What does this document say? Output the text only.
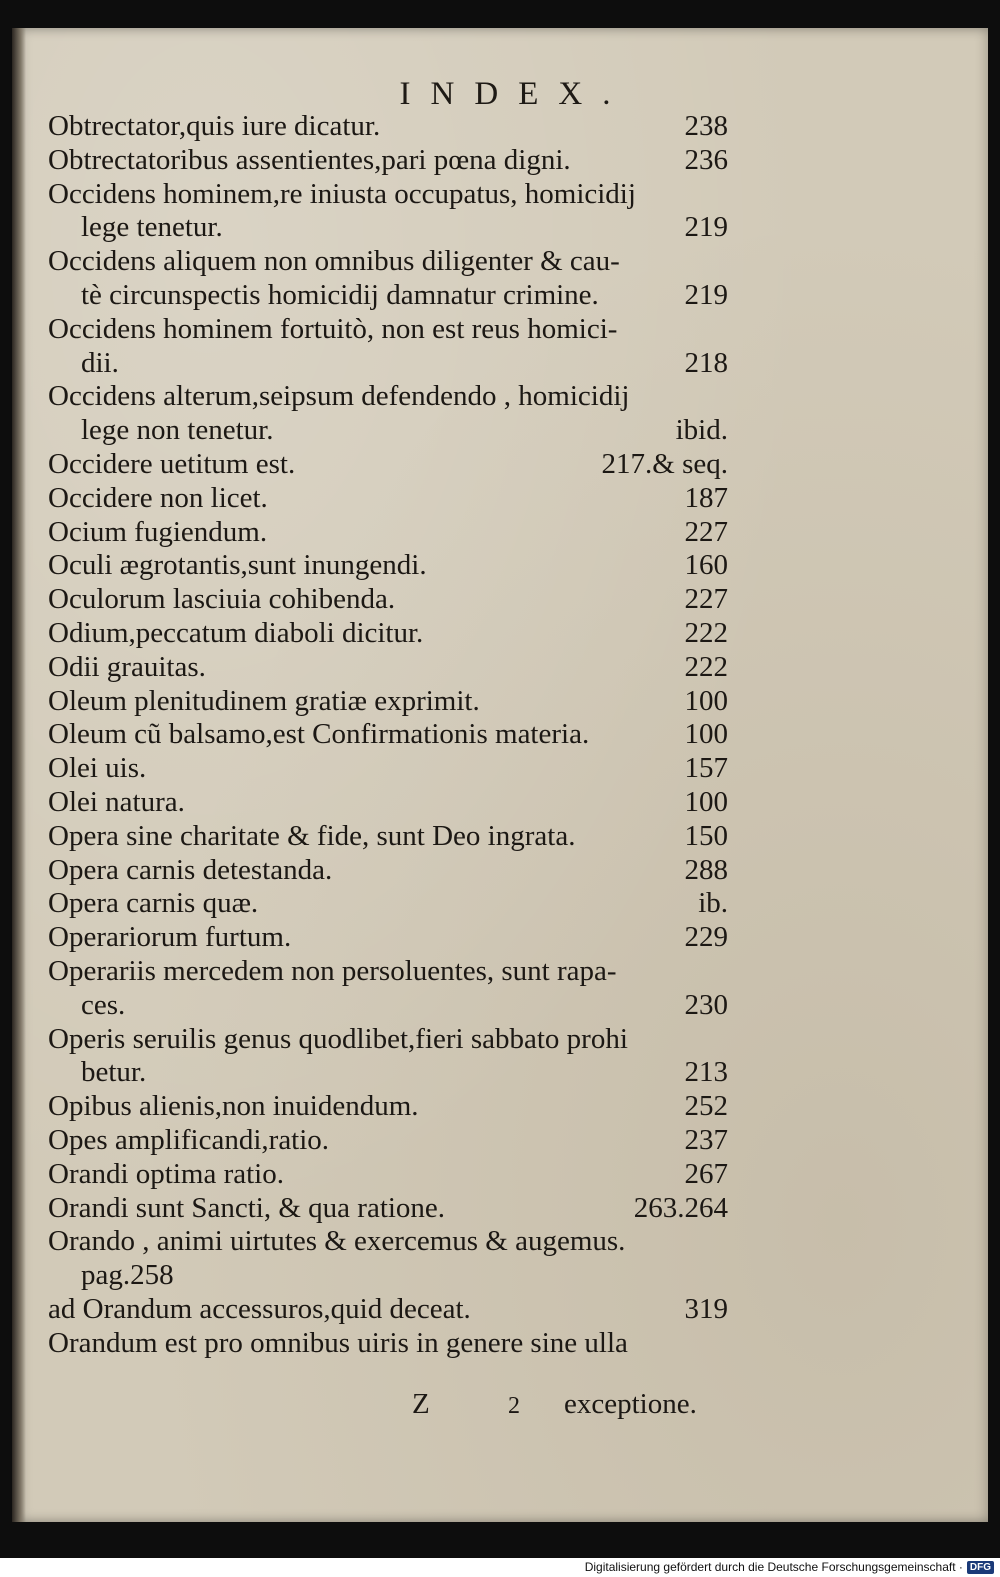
INDEX.
Obtrectator,quis iure dicatur.	238
Obtrectatoribus assentientes,pari pœna digni.	236
Occidens hominem,re iniusta occupatus, homicidij
lege tenetur.	219
Occidens aliquem non omnibus diligenter & cau-
tè circunspectis homicidij damnatur crimine.	219
Occidens hominem fortuitò, non est reus homici-
dii.	218
Occidens alterum,seipsum defendendo , homicidij
lege non tenetur.	ibid.
Occidere uetitum est.	217.& seq.
Occidere non licet.	187
Ocium fugiendum.	227
Oculi ægrotantis,sunt inungendi.	160
Oculorum lasciuia cohibenda.	227
Odium,peccatum diaboli dicitur.	222
Odii grauitas.	222
Oleum plenitudinem gratiæ exprimit.	100
Oleum cũ balsamo,est Confirmationis materia.	100
Olei uis.	157
Olei natura.	100
Opera sine charitate & fide, sunt Deo ingrata.	150
Opera carnis detestanda.	288
Opera carnis quæ.	ib.
Operariorum furtum.	229
Operariis mercedem non persoluentes, sunt rapa-
ces.	230
Operis seruilis genus quodlibet,fieri sabbato prohi
betur.	213
Opibus alienis,non inuidendum.	252
Opes amplificandi,ratio.	237
Orandi optima ratio.	267
Orandi sunt Sancti, & qua ratione.	263.264
Orando , animi uirtutes & exercemus & augemus.
pag.258
ad Orandum accessuros,quid deceat.	319
Orandum est pro omnibus uiris in genere sine ulla
Z	2 exceptione.
Digitalisierung gefördert durch die Deutsche Forschungsgemeinschaft · DFG
